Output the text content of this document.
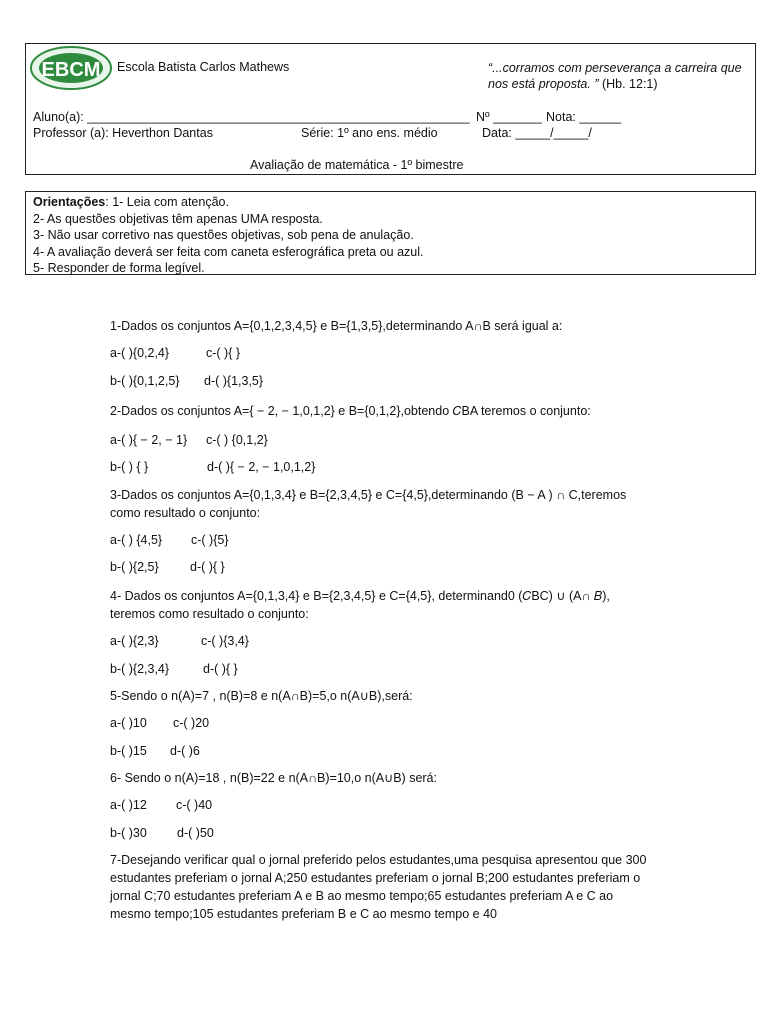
EBCM Escola Batista Carlos Mathews	“...corramos com perseverança a carreira que nos está proposta. ” (Hb. 12:1)
Aluno(a): _______________________________________________________ Nº _______ Nota: ______
Professor (a): Heverthon Dantas	Série: 1º ano ens. médio	Data: _____/_____/
Avaliação de matemática - 1º bimestre
Orientações: 1- Leia com atenção.
2- As questões objetivas têm apenas UMA resposta.
3- Não usar corretivo nas questões objetivas, sob pena de anulação.
4- A avaliação deverá ser feita com caneta esferográfica preta ou azul.
5- Responder de forma legível.
1-Dados os conjuntos A={0,1,2,3,4,5} e B={1,3,5},determinando A∩B será igual a:
a-( ){0,2,4}	c-( ){ }
b-( ){0,1,2,5} d-( ){1,3,5}
2-Dados os conjuntos A={ − 2, − 1,0,1,2} e B={0,1,2},obtendo 𝐶BA teremos o conjunto:
a-( ){ − 2, − 1} c-( ) {0,1,2}
b-( ) { }	d-( ){ − 2, − 1,0,1,2}
3-Dados os conjuntos A={0,1,3,4} e B={2,3,4,5} e C={4,5},determinando (B − A ) ∩ C,teremos como resultado o conjunto:
a-( ) {4,5} c-( ){5}
b-( ){2,5}	d-( ){ }
4- Dados os conjuntos A={0,1,3,4} e B={2,3,4,5} e C={4,5}, determinand0 (𝐶BC) ∪ (A∩ 𝐵), teremos como resultado o conjunto:
a-( ){2,3}	c-( ){3,4}
b-( ){2,3,4}	d-( ){ }
5-Sendo o n(A)=7 , n(B)=8 e n(A∩B)=5,o n(A∪B),será:
a-( )10 c-( )20
b-( )15 d-( )6
6- Sendo o n(A)=18 , n(B)=22 e n(A∩B)=10,o n(A∪B) será:
a-( )12 c-( )40
b-( )30 d-( )50
7-Desejando verificar qual o jornal preferido pelos estudantes,uma pesquisa apresentou que 300 estudantes preferiam o jornal A;250 estudantes preferiam o jornal B;200 estudantes preferiam o jornal C;70 estudantes preferiam A e B ao mesmo tempo;65 estudantes preferiam A e C ao mesmo tempo;105 estudantes preferiam B e C ao mesmo tempo e 40
